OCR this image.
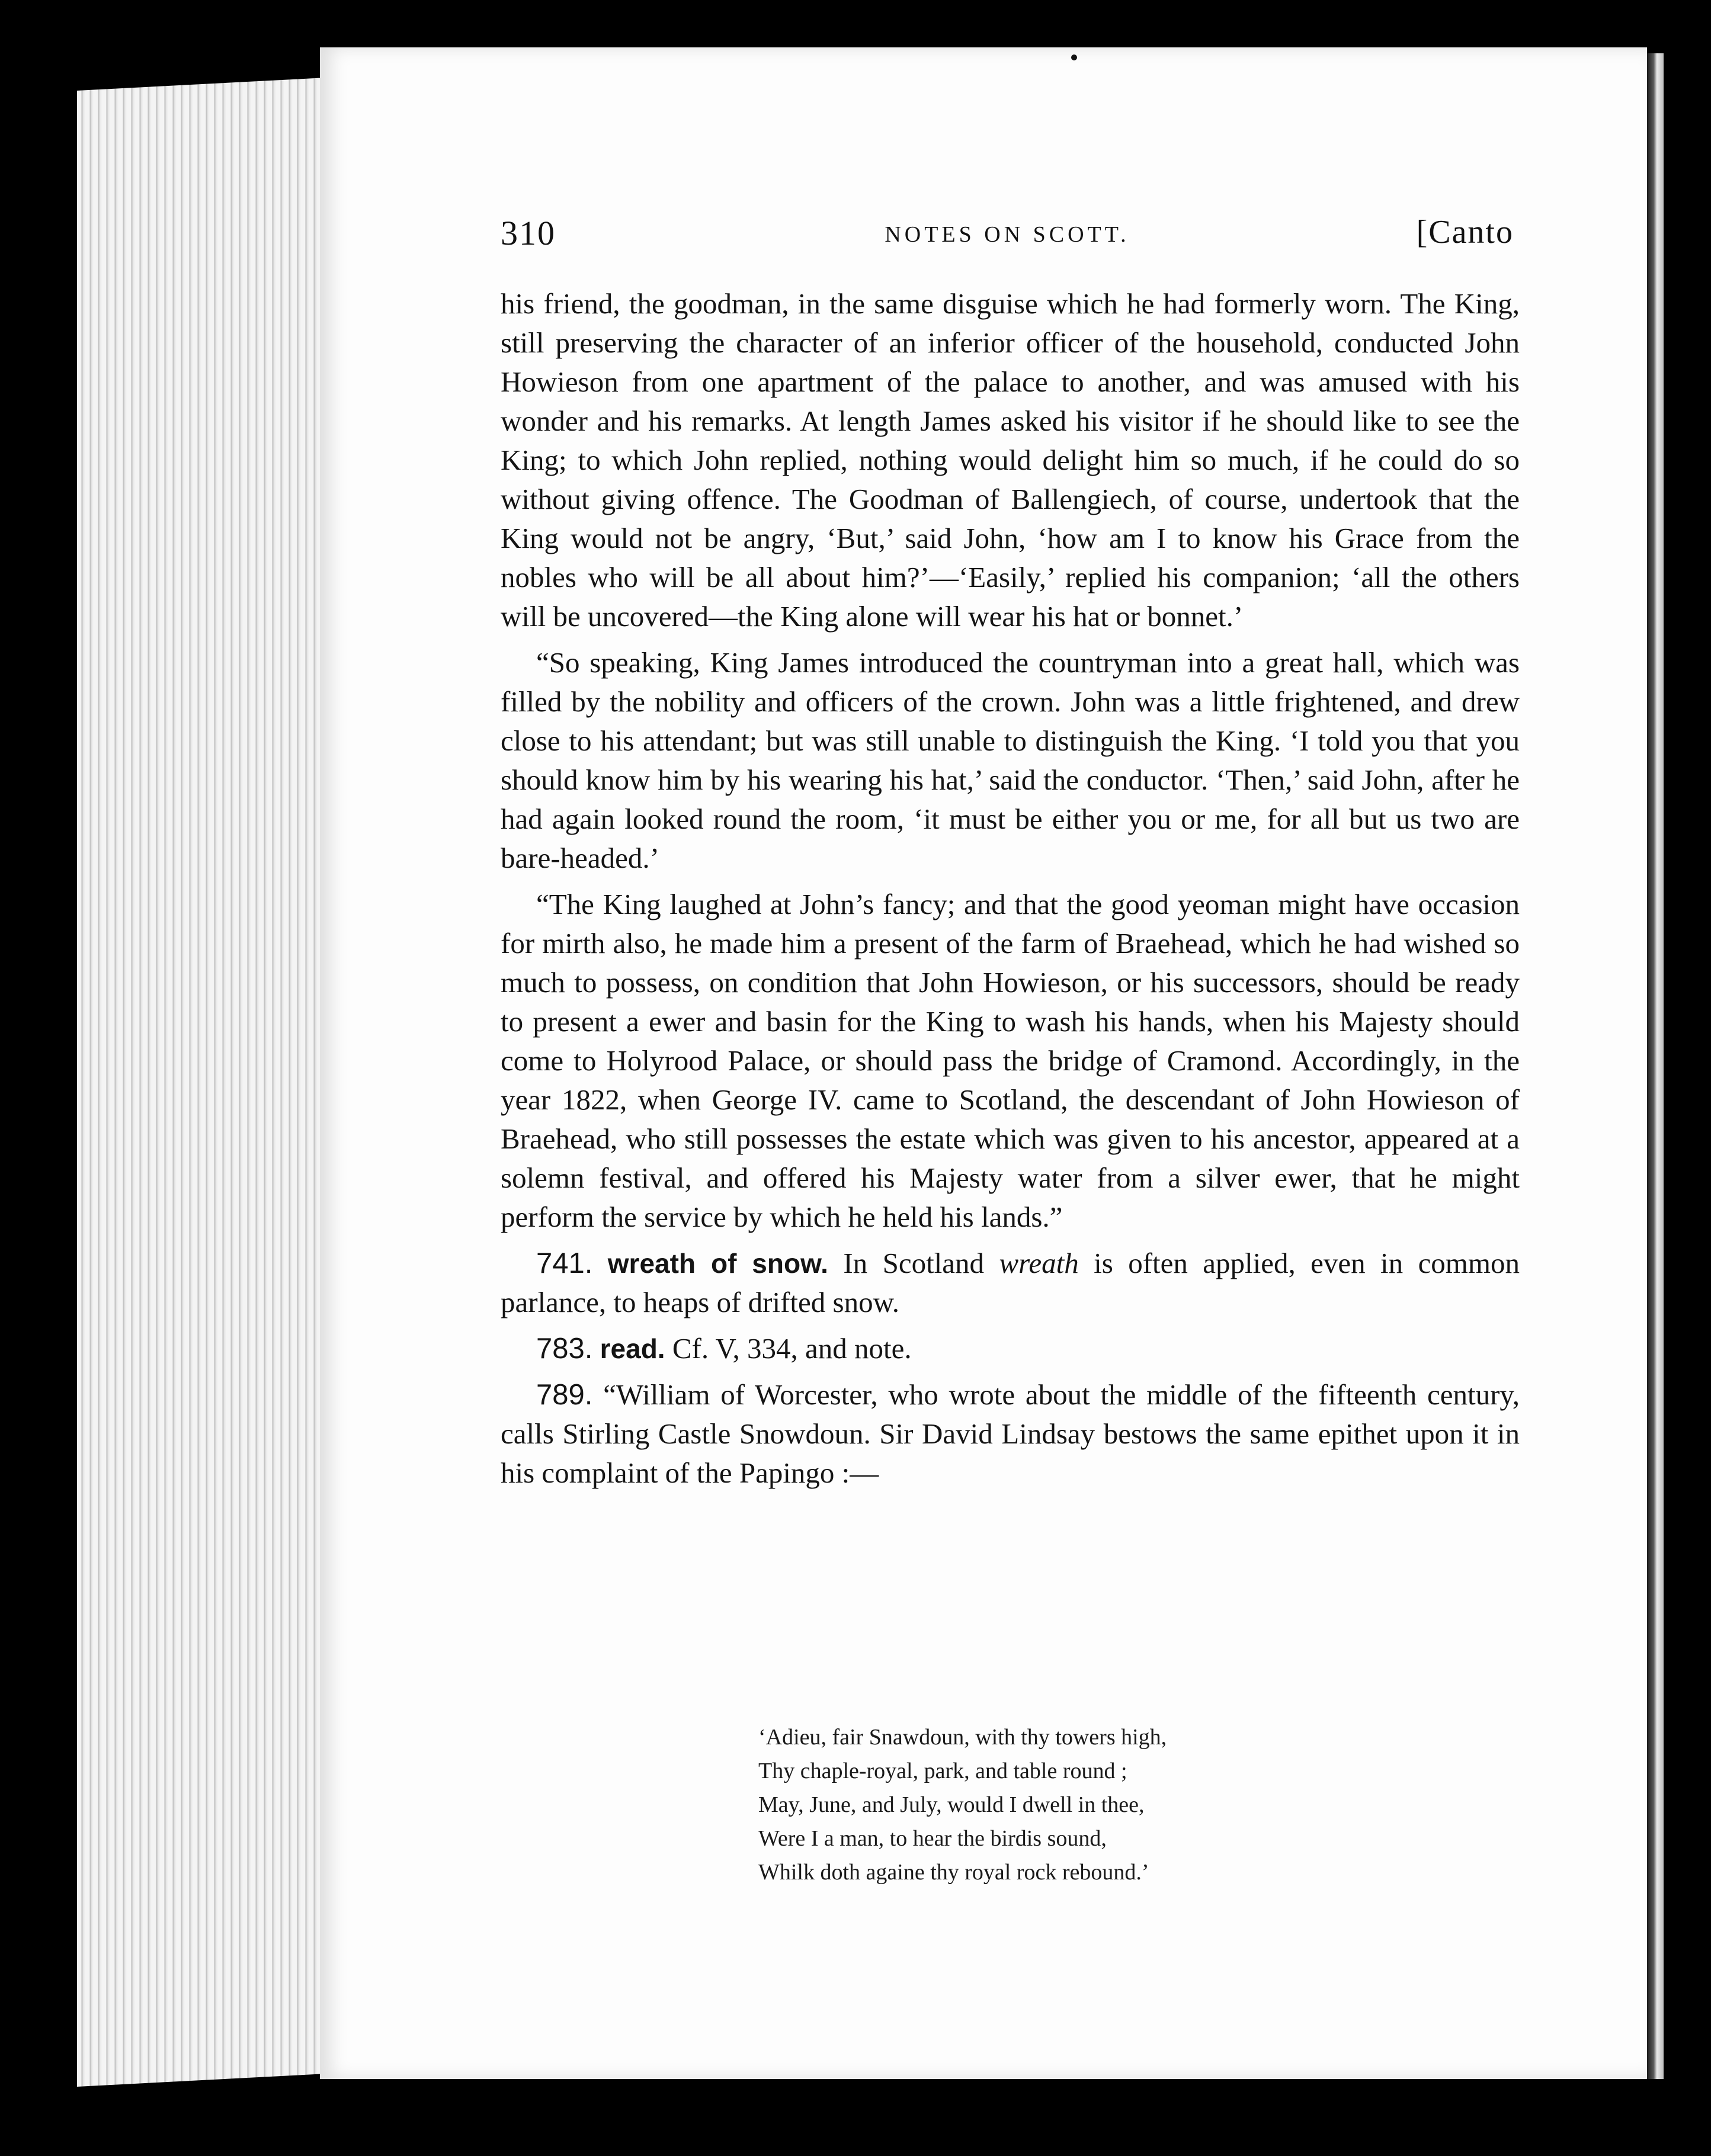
310	NOTES ON SCOTT.	[Canto

his friend, the goodman, in the same disguise which he had formerly worn. The King, still preserving the character of an inferior officer of the household, conducted John Howieson from one apartment of the palace to another, and was amused with his wonder and his remarks. At length James asked his visitor if he should like to see the King; to which John replied, nothing would delight him so much, if he could do so without giving offence. The Goodman of Ballengiech, of course, undertook that the King would not be angry, ‘But,’ said John, ‘how am I to know his Grace from the nobles who will be all about him?’—‘Easily,’ replied his companion; ‘all the others will be uncovered—the King alone will wear his hat or bonnet.’

“So speaking, King James introduced the countryman into a great hall, which was filled by the nobility and officers of the crown. John was a little frightened, and drew close to his attendant; but was still unable to distinguish the King. ‘I told you that you should know him by his wearing his hat,’ said the conductor. ‘Then,’ said John, after he had again looked round the room, ‘it must be either you or me, for all but us two are bare-headed.’

“The King laughed at John’s fancy; and that the good yeoman might have occasion for mirth also, he made him a present of the farm of Braehead, which he had wished so much to possess, on condition that John Howieson, or his successors, should be ready to present a ewer and basin for the King to wash his hands, when his Majesty should come to Holyrood Palace, or should pass the bridge of Cramond. Accordingly, in the year 1822, when George IV. came to Scotland, the descendant of John Howieson of Braehead, who still possesses the estate which was given to his ancestor, appeared at a solemn festival, and offered his Majesty water from a silver ewer, that he might perform the service by which he held his lands.”

741. wreath of snow. In Scotland wreath is often applied, even in common parlance, to heaps of drifted snow.

783. read. Cf. V, 334, and note.

789. “William of Worcester, who wrote about the middle of the fifteenth century, calls Stirling Castle Snowdoun. Sir David Lindsay bestows the same epithet upon it in his complaint of the Papingo :—

‘Adieu, fair Snawdoun, with thy towers high,
Thy chaple-royal, park, and table round ;
May, June, and July, would I dwell in thee,
Were I a man, to hear the birdis sound,
Whilk doth againe thy royal rock rebound.’
